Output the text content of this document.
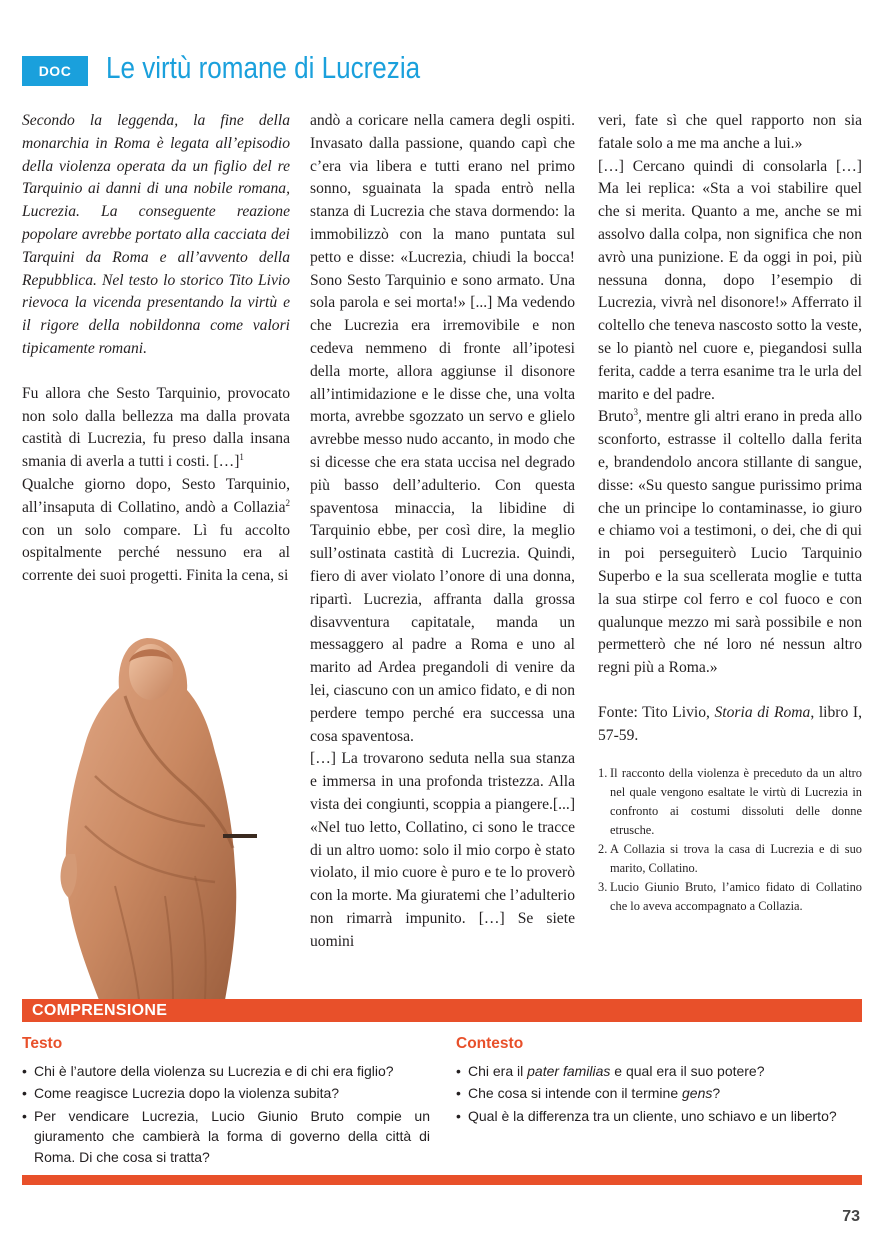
DOC	Le virtù romane di Lucrezia

Secondo la leggenda, la fine della monarchia in Roma è legata all’episodio della violenza operata da un figlio del re Tarquinio ai danni di una nobile romana, Lucrezia. La conseguente reazione popolare avrebbe portato alla cacciata dei Tarquini da Roma e all’avvento della Repubblica. Nel testo lo storico Tito Livio rievoca la vicenda presentando la virtù e il rigore della nobildonna come valori tipicamente romani.

Fu allora che Sesto Tarquinio, provocato non solo dalla bellezza ma dalla provata castità di Lucrezia, fu preso dalla insana smania di averla a tutti i costi. […]$^1$

Qualche giorno dopo, Sesto Tarquinio, all’insaputa di Collatino, andò a Collazia$^2$ con un solo compare. Lì fu accolto ospitalmente perché nessuno era al corrente dei suoi progetti. Finita la cena, si

andò a coricare nella camera degli ospiti. Invasato dalla passione, quando capì che c’era via libera e tutti erano nel primo sonno, sguainata la spada entrò nella stanza di Lucrezia che stava dormendo: la immobilizzò con la mano puntata sul petto e disse: «Lucrezia, chiudi la bocca! Sono Sesto Tarquinio e sono armato. Una sola parola e sei morta!» [...] Ma vedendo che Lucrezia era irremovibile e non cedeva nemmeno di fronte all’ipotesi della morte, allora aggiunse il disonore all’intimidazione e le disse che, una volta morta, avrebbe sgozzato un servo e glielo avrebbe messo nudo accanto, in modo che si dicesse che era stata uccisa nel degrado più basso dell’adulterio. Con questa spaventosa minaccia, la libidine di Tarquinio ebbe, per così dire, la meglio sull’ostinata castità di Lucrezia. Quindi, fiero di aver violato l’onore di una donna, ripartì. Lucrezia, affranta dalla grossa disavventura capitatale, manda un messaggero al padre a Roma e uno al marito ad Ardea pregandoli di venire da lei, ciascuno con un amico fidato, e di non perdere tempo perché era successa una cosa spaventosa.

[…] La trovarono seduta nella sua stanza e immersa in una profonda tristezza. Alla vista dei congiunti, scoppia a piangere.[...] «Nel tuo letto, Collatino, ci sono le tracce di un altro uomo: solo il mio corpo è stato violato, il mio cuore è puro e te lo proverò con la morte. Ma giuratemi che l’adulterio non rimarrà impunito. […] Se siete uomini

veri, fate sì che quel rapporto non sia fatale solo a me ma anche a lui.»

[…] Cercano quindi di consolarla […] Ma lei replica: «Sta a voi stabilire quel che si merita. Quanto a me, anche se mi assolvo dalla colpa, non significa che non avrò una punizione. E da oggi in poi, più nessuna donna, dopo l’esempio di Lucrezia, vivrà nel disonore!» Afferrato il coltello che teneva nascosto sotto la veste, se lo piantò nel cuore e, piegandosi sulla ferita, cadde a terra esanime tra le urla del marito e del padre.

Bruto$^3$, mentre gli altri erano in preda allo sconforto, estrasse il coltello dalla ferita e, brandendolo ancora stillante di sangue, disse: «Su questo sangue purissimo prima che un principe lo contaminasse, io giuro e chiamo voi a testimoni, o dei, che di qui in poi perseguiterò Lucio Tarquinio Superbo e la sua scellerata moglie e tutta la sua stirpe col ferro e col fuoco e con qualunque mezzo mi sarà possibile e non permetterò che né loro né nessun altro regni più a Roma.»

Fonte: Tito Livio, Storia di Roma, libro I, 57-59.

1. Il racconto della violenza è preceduto da un altro nel quale vengono esaltate le virtù di Lucrezia in confronto ai costumi dissoluti delle donne etrusche.
2. A Collazia si trova la casa di Lucrezia e di suo marito, Collatino.
3. Lucio Giunio Bruto, l’amico fidato di Collatino che lo aveva accompagnato a Collazia.
COMPRENSIONE
Testo
• Chi è l’autore della violenza su Lucrezia e di chi era figlio?
• Come reagisce Lucrezia dopo la violenza subita?
• Per vendicare Lucrezia, Lucio Giunio Bruto compie un giuramento che cambierà la forma di governo della città di Roma. Di che cosa si tratta?
Contesto
• Chi era il pater familias e qual era il suo potere?
• Che cosa si intende con il termine gens?
• Qual è la differenza tra un cliente, uno schiavo e un liberto?
73
